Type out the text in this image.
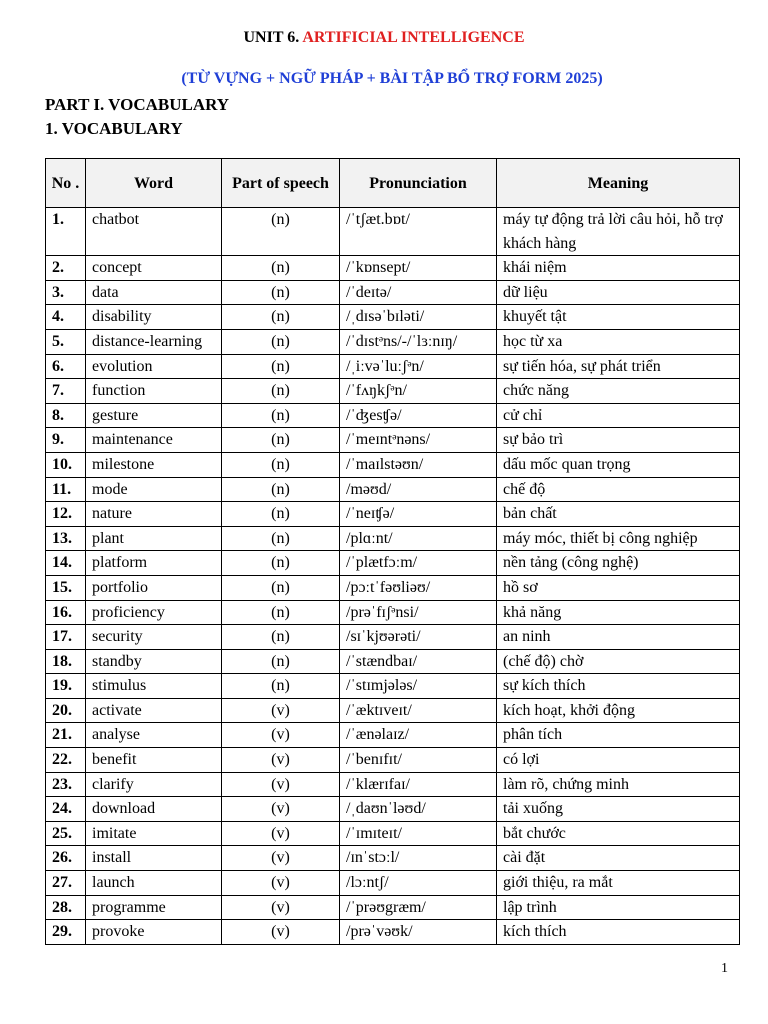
UNIT 6. ARTIFICIAL INTELLIGENCE
(TỪ VỰNG + NGỮ PHÁP + BÀI TẬP BỔ TRỢ FORM 2025)
PART I. VOCABULARY
1. VOCABULARY
No .	Word	Part of speech	Pronunciation	Meaning
1.	chatbot	(n)	/ˈtʃæt.bɒt/	máy tự động trả lời câu hỏi, hỗ trợ khách hàng
2.	concept	(n)	/ˈkɒnsept/	khái niệm
3.	data	(n)	/ˈdeɪtə/	dữ liệu
4.	disability	(n)	/ˌdɪsəˈbɪləti/	khuyết tật
5.	distance-learning	(n)	/ˈdɪstᵊns/-/ˈlɜːnɪŋ/	học từ xa
6.	evolution	(n)	/ˌiːvəˈluːʃᵊn/	sự tiến hóa, sự phát triển
7.	function	(n)	/ˈfʌŋkʃᵊn/	chức năng
8.	gesture	(n)	/ˈʤesʧə/	cử chỉ
9.	maintenance	(n)	/ˈmeɪntᵊnəns/	sự bảo trì
10.	milestone	(n)	/ˈmaɪlstəʊn/	dấu mốc quan trọng
11.	mode	(n)	/məʊd/	chế độ
12.	nature	(n)	/ˈneɪʧə/	bản chất
13.	plant	(n)	/plɑːnt/	máy móc, thiết bị công nghiệp
14.	platform	(n)	/ˈplætfɔːm/	nền tảng (công nghệ)
15.	portfolio	(n)	/pɔːtˈfəʊliəʊ/	hồ sơ
16.	proficiency	(n)	/prəˈfɪʃᵊnsi/	khả năng
17.	security	(n)	/sɪˈkjʊərəti/	an ninh
18.	standby	(n)	/ˈstændbaɪ/	(chế độ) chờ
19.	stimulus	(n)	/ˈstɪmjələs/	sự kích thích
20.	activate	(v)	/ˈæktɪveɪt/	kích hoạt, khởi động
21.	analyse	(v)	/ˈænəlaɪz/	phân tích
22.	benefit	(v)	/ˈbenɪfɪt/	có lợi
23.	clarify	(v)	/ˈklærɪfaɪ/	làm rõ, chứng minh
24.	download	(v)	/ˌdaʊnˈləʊd/	tải xuống
25.	imitate	(v)	/ˈɪmɪteɪt/	bắt chước
26.	install	(v)	/ɪnˈstɔːl/	cài đặt
27.	launch	(v)	/lɔːntʃ/	giới thiệu, ra mắt
28.	programme	(v)	/ˈprəʊgræm/	lập trình
29.	provoke	(v)	/prəˈvəʊk/	kích thích
1
